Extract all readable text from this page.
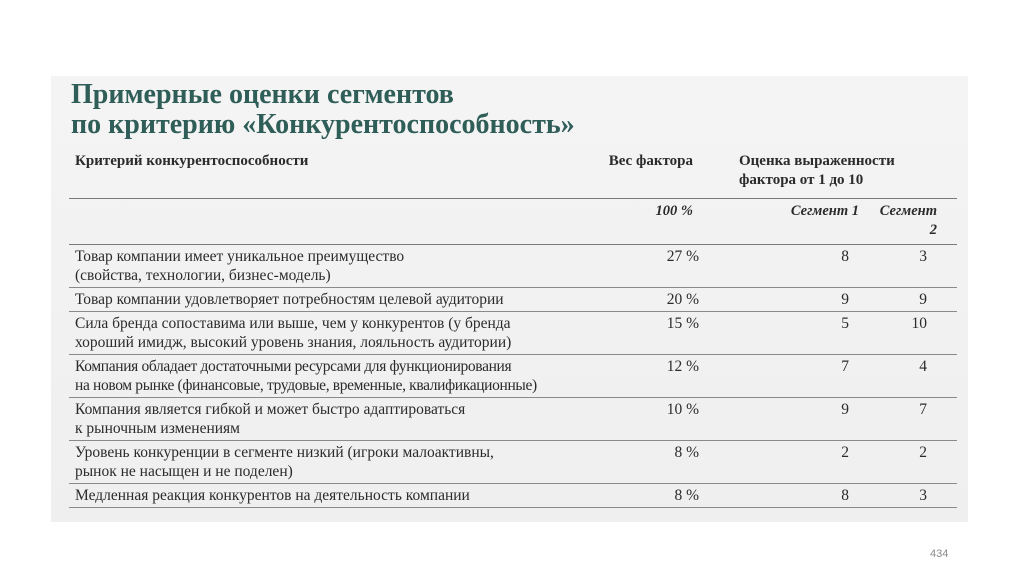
Примерные оценки сегментов
по критерию «Конкурентоспособность»
Критерий конкурентоспособности	Вес фактора	Оценка выраженности
фактора от 1 до 10	

	100 %	Сегмент 1	Сегмент 2

Товар компании имеет уникальное преимущество
(свойства, технологии, бизнес-модель)	27 %	8	3

Товар компании удовлетворяет потребностям целевой аудитории	20 %	9	9

Сила бренда сопоставима или выше, чем у конкурентов (у бренда
хороший имидж, высокий уровень знания, лояльность аудитории)	15 %	5	10

Компания обладает достаточными ресурсами для функционирования
на новом рынке (финансовые, трудовые, временные, квалификационные)	12 %	7	4

Компания является гибкой и может быстро адаптироваться
к рыночным изменениям	10 %	9	7

Уровень конкуренции в сегменте низкий (игроки малоактивны,
рынок не насыщен и не поделен)	8 %	2	2

Медленная реакция конкурентов на деятельность компании	8 %	8	3
434
